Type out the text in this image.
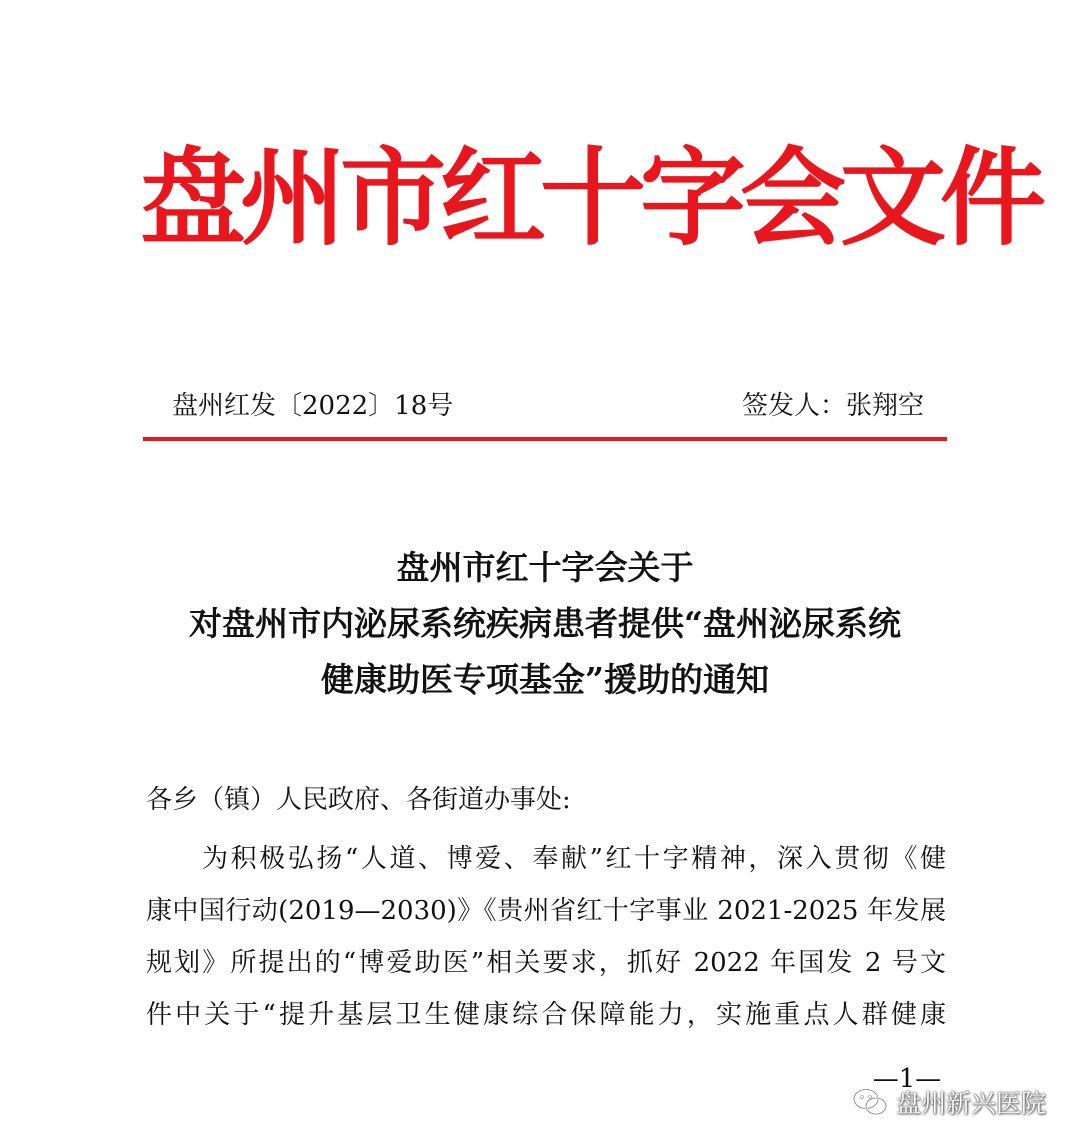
盘州市红十字会文件
盘州红发〔2022〕18号	签发人：张翔空
盘州市红十字会关于
对盘州市内泌尿系统疾病患者提供“盘州泌尿系统
健康助医专项基金”援助的通知
各乡（镇）人民政府、各街道办事处:
为积极弘扬“人道、博爱、奉献”红十字精神，深入贯彻《健
康中国行动(2019—2030)》《贵州省红十字事业 2021-2025 年发展
规划》所提出的“博爱助医”相关要求，抓好 2022 年国发 2 号文
件中关于“提升基层卫生健康综合保障能力，实施重点人群健康
—1—
盘州新兴医院
